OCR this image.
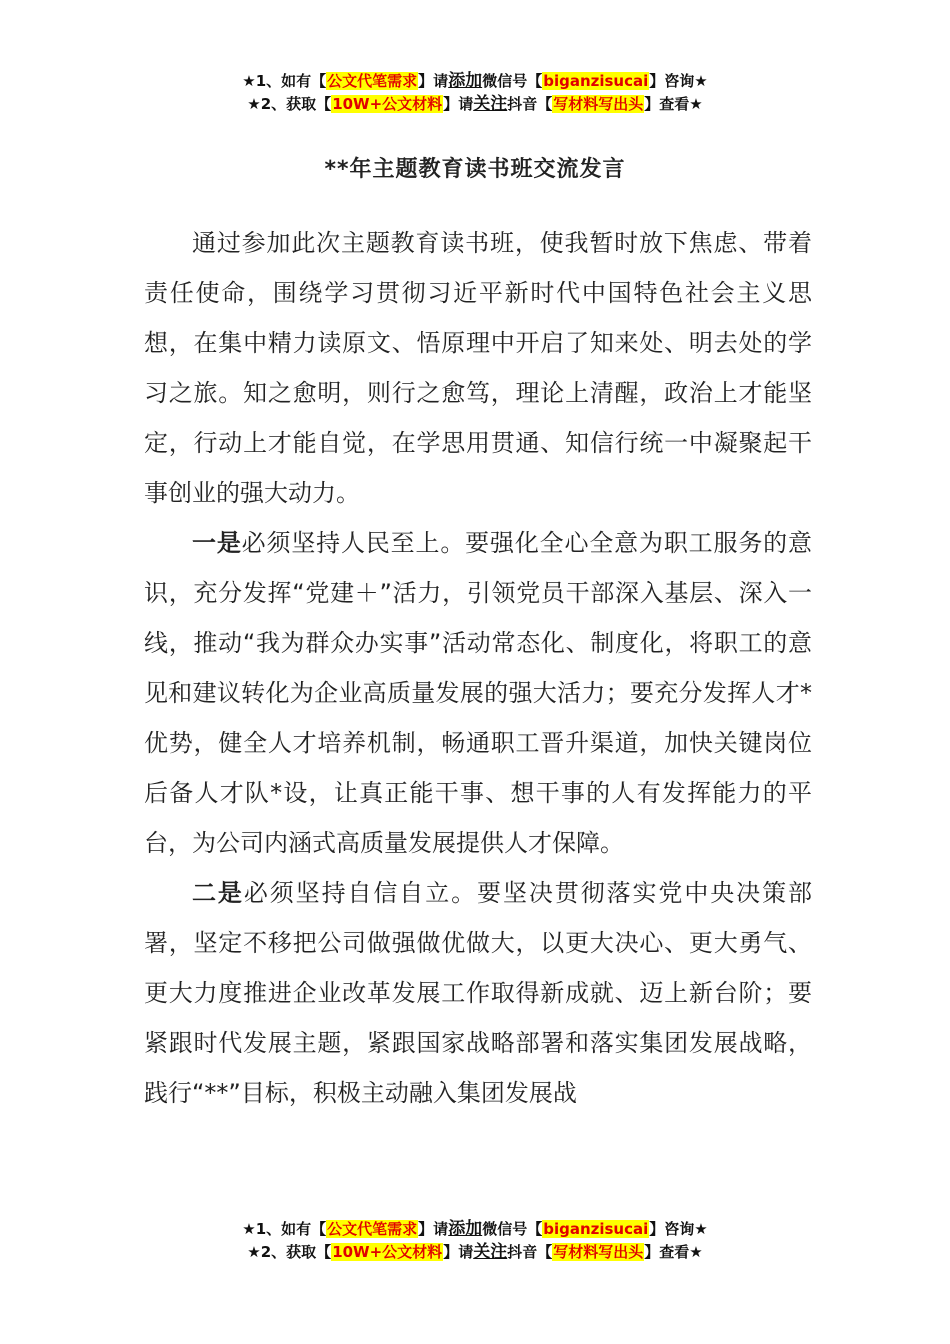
★1、如有【公文代笔需求】请添加微信号【biganzisucai】咨询★
★2、获取【10W+公文材料】请关注抖音【写材料写出头】查看★
**年主题教育读书班交流发言

通过参加此次主题教育读书班，使我暂时放下焦虑、带着责任使命，围绕学习贯彻习近平新时代中国特色社会主义思想，在集中精力读原文、悟原理中开启了知来处、明去处的学习之旅。知之愈明，则行之愈笃，理论上清醒，政治上才能坚定，行动上才能自觉，在学思用贯通、知信行统一中凝聚起干事创业的强大动力。

一是必须坚持人民至上。要强化全心全意为职工服务的意识，充分发挥“党建＋”活力，引领党员干部深入基层、深入一线，推动“我为群众办实事”活动常态化、制度化，将职工的意见和建议转化为企业高质量发展的强大活力；要充分发挥人才*优势，健全人才培养机制，畅通职工晋升渠道，加快关键岗位后备人才队*设，让真正能干事、想干事的人有发挥能力的平台，为公司内涵式高质量发展提供人才保障。

二是必须坚持自信自立。要坚决贯彻落实党中央决策部署，坚定不移把公司做强做优做大，以更大决心、更大勇气、更大力度推进企业改革发展工作取得新成就、迈上新台阶；要紧跟时代发展主题，紧跟国家战略部署和落实集团发展战略，践行“**”目标，积极主动融入集团发展战

★1、如有【公文代笔需求】请添加微信号【biganzisucai】咨询★
★2、获取【10W+公文材料】请关注抖音【写材料写出头】查看★
